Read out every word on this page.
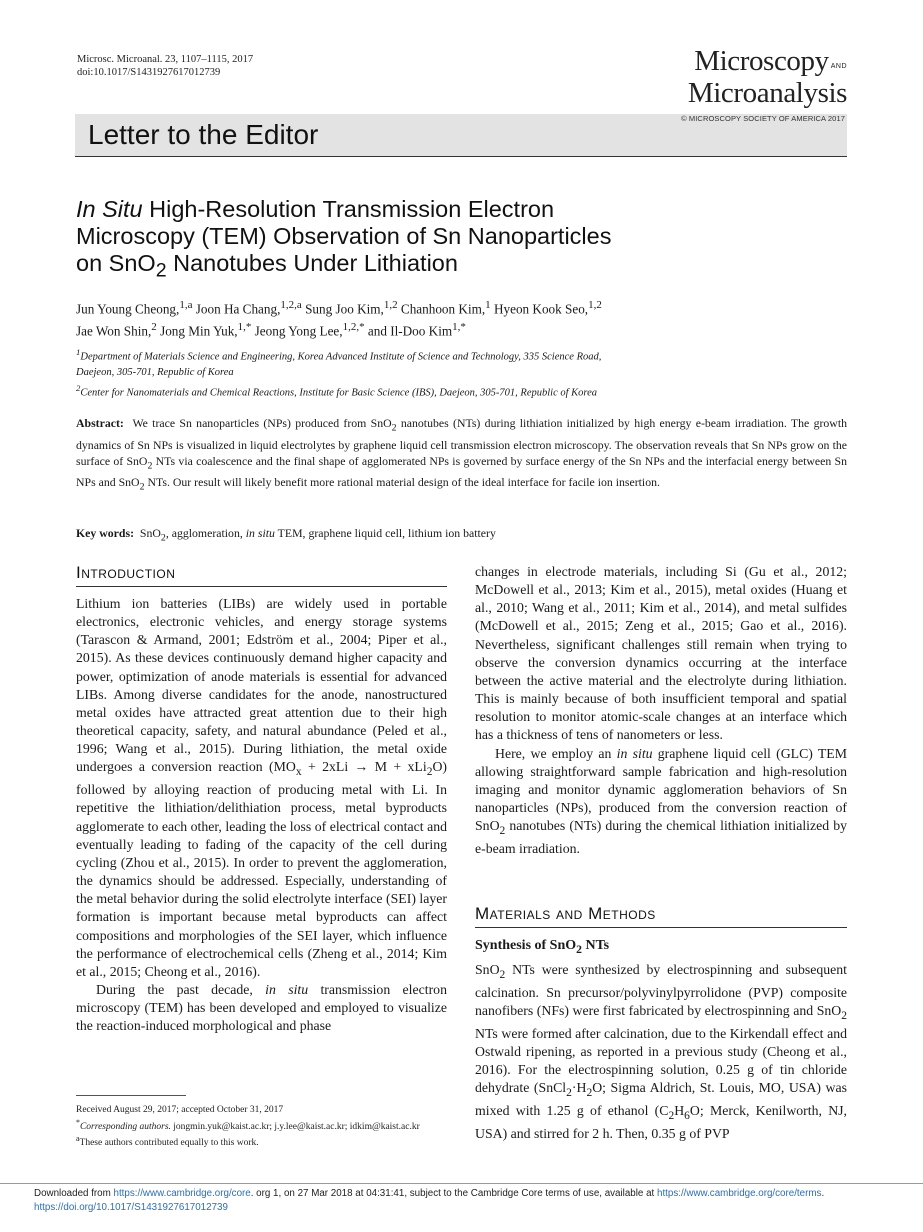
Microsc. Microanal. 23, 1107–1115, 2017
doi:10.1017/S1431927617012739	Microscopy AND
Microanalysis
Letter to the Editor
© MICROSCOPY SOCIETY OF AMERICA 2017
In Situ High-Resolution Transmission Electron
Microscopy (TEM) Observation of Sn Nanoparticles
on SnO$_2$ Nanotubes Under Lithiation
Jun Young Cheong,$^{1,a}$ Joon Ha Chang,$^{1,2,a}$ Sung Joo Kim,$^{1,2}$ Chanhoon Kim,$^1$ Hyeon Kook Seo,$^{1,2}$
Jae Won Shin,$^2$ Jong Min Yuk,$^{1,*}$ Jeong Yong Lee,$^{1,2,*}$ and Il-Doo Kim$^{1,*}$
$^1$Department of Materials Science and Engineering, Korea Advanced Institute of Science and Technology, 335 Science Road,
Daejeon, 305-701, Republic of Korea
$^2$Center for Nanomaterials and Chemical Reactions, Institute for Basic Science (IBS), Daejeon, 305-701, Republic of Korea
Abstract: We trace Sn nanoparticles (NPs) produced from SnO$_2$ nanotubes (NTs) during lithiation initialized by high energy e-beam irradiation. The growth dynamics of Sn NPs is visualized in liquid electrolytes by graphene liquid cell transmission electron microscopy. The observation reveals that Sn NPs grow on the surface of SnO$_2$ NTs via coalescence and the final shape of agglomerated NPs is governed by surface energy of the Sn NPs and the interfacial energy between Sn NPs and SnO$_2$ NTs. Our result will likely benefit more rational material design of the ideal interface for facile ion insertion.
Key words: SnO$_2$, agglomeration, in situ TEM, graphene liquid cell, lithium ion battery
Introduction

Lithium ion batteries (LIBs) are widely used in portable electronics, electronic vehicles, and energy storage systems (Tarascon & Armand, 2001; Edström et al., 2004; Piper et al., 2015). As these devices continuously demand higher capacity and power, optimization of anode materials is essential for advanced LIBs. Among diverse candidates for the anode, nanostructured metal oxides have attracted great attention due to their high theoretical capacity, safety, and natural abundance (Peled et al., 1996; Wang et al., 2015). During lithiation, the metal oxide undergoes a conversion reaction $(MO_x + 2xLi \to M + xLi_2O)$ followed by alloying reaction of producing metal with Li. In repetitive the lithiation/delithiation process, metal byproducts agglomerate to each other, leading the loss of electrical contact and eventually leading to fading of the capacity of the cell during cycling (Zhou et al., 2015). In order to prevent the agglomeration, the dynamics should be addressed. Especially, understanding of the metal behavior during the solid electrolyte interface (SEI) layer formation is important because metal byproducts can affect compositions and morphologies of the SEI layer, which influence the performance of electrochemical cells (Zheng et al., 2014; Kim et al., 2015; Cheong et al., 2016).

During the past decade, in situ transmission electron microscopy (TEM) has been developed and employed to visualize the reaction-induced morphological and phase

Received August 29, 2017; accepted October 31, 2017
*Corresponding authors. jongmin.yuk@kaist.ac.kr; j.y.lee@kaist.ac.kr; idkim@kaist.ac.kr
$^a$These authors contributed equally to this work.

changes in electrode materials, including Si (Gu et al., 2012; McDowell et al., 2013; Kim et al., 2015), metal oxides (Huang et al., 2010; Wang et al., 2011; Kim et al., 2014), and metal sulfides (McDowell et al., 2015; Zeng et al., 2015; Gao et al., 2016). Nevertheless, significant challenges still remain when trying to observe the conversion dynamics occurring at the interface between the active material and the electrolyte during lithiation. This is mainly because of both insufficient temporal and spatial resolution to monitor atomic-scale changes at an interface which has a thickness of tens of nanometers or less.

Here, we employ an in situ graphene liquid cell (GLC) TEM allowing straightforward sample fabrication and high-resolution imaging and monitor dynamic agglomeration behaviors of Sn nanoparticles (NPs), produced from the conversion reaction of SnO$_2$ nanotubes (NTs) during the chemical lithiation initialized by e-beam irradiation.

Materials and Methods
Synthesis of SnO$_2$ NTs

SnO$_2$ NTs were synthesized by electrospinning and subsequent calcination. Sn precursor/polyvinylpyrrolidone (PVP) composite nanofibers (NFs) were first fabricated by electrospinning and SnO$_2$ NTs were formed after calcination, due to the Kirkendall effect and Ostwald ripening, as reported in a previous study (Cheong et al., 2016). For the electrospinning solution, 0.25 g of tin chloride dehydrate ($SnCl_2\cdot H_2O$; Sigma Aldrich, St. Louis, MO, USA) was mixed with 1.25 g of ethanol ($C_2H_6O$; Merck, Kenilworth, NJ, USA) and stirred for 2 h. Then, 0.35 g of PVP

Downloaded from https://www.cambridge.org/core. org 1, on 27 Mar 2018 at 04:31:41, subject to the Cambridge Core terms of use, available at https://www.cambridge.org/core/terms.
https://doi.org/10.1017/S1431927617012739
